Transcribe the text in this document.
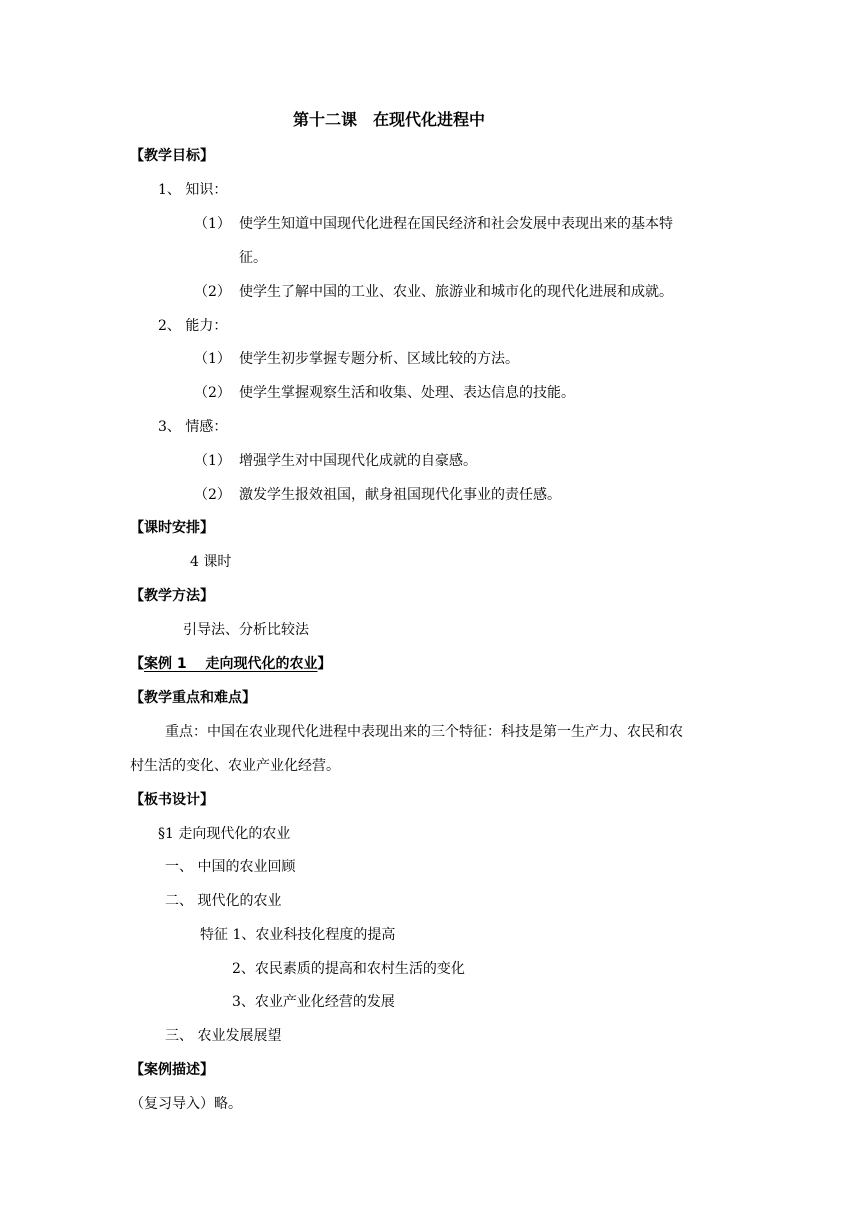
第十二课　在现代化进程中
【教学目标】
1、 知识：
（1） 使学生知道中国现代化进程在国民经济和社会发展中表现出来的基本特
征。
（2） 使学生了解中国的工业、农业、旅游业和城市化的现代化进展和成就。
2、 能力：
（1） 使学生初步掌握专题分析、区域比较的方法。
（2） 使学生掌握观察生活和收集、处理、表达信息的技能。
3、 情感：
（1） 增强学生对中国现代化成就的自豪感。
（2） 激发学生报效祖国，献身祖国现代化事业的责任感。
【课时安排】
4 课时
【教学方法】
引导法、分析比较法
【案例 1　 走向现代化的农业】
【教学重点和难点】
重点：中国在农业现代化进程中表现出来的三个特征：科技是第一生产力、农民和农
村生活的变化、农业产业化经营。
【板书设计】
§1 走向现代化的农业
一、 中国的农业回顾
二、 现代化的农业
特征 1、农业科技化程度的提高
2、农民素质的提高和农村生活的变化
3、农业产业化经营的发展
三、 农业发展展望
【案例描述】
（复习导入）略。
